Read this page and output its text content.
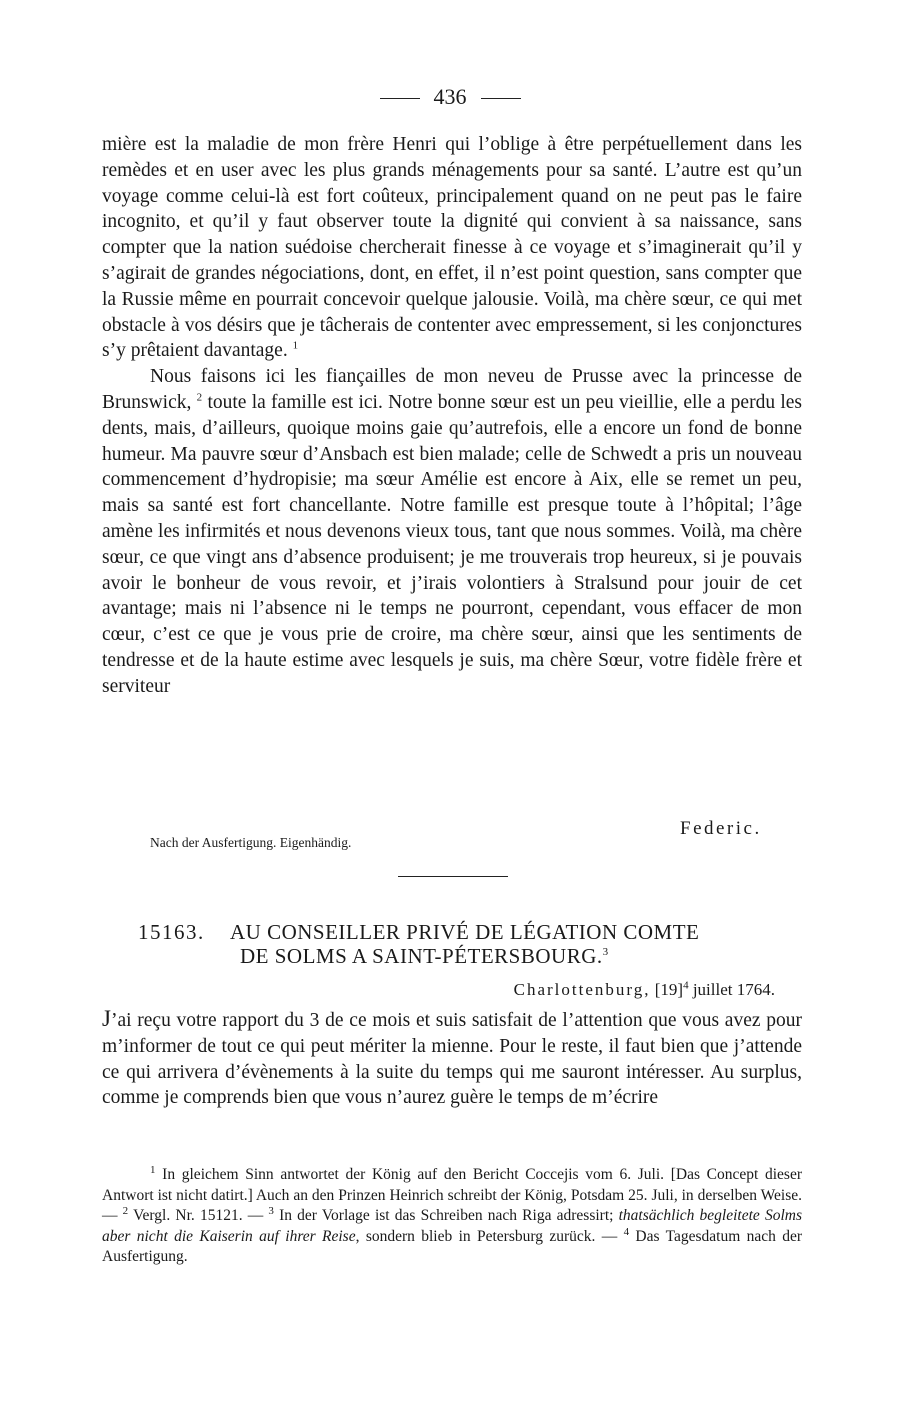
436

mière est la maladie de mon frère Henri qui l’oblige à être perpétuellement dans les remèdes et en user avec les plus grands ménagements pour sa santé. L’autre est qu’un voyage comme celui-là est fort coûteux, principalement quand on ne peut pas le faire incognito, et qu’il y faut observer toute la dignité qui convient à sa naissance, sans compter que la nation suédoise chercherait finesse à ce voyage et s’imaginerait qu’il y s’agirait de grandes négociations, dont, en effet, il n’est point question, sans compter que la Russie même en pourrait concevoir quelque jalousie. Voilà, ma chère sœur, ce qui met obstacle à vos désirs que je tâcherais de contenter avec empressement, si les conjonctures s’y prêtaient davantage. $^1$

Nous faisons ici les fiançailles de mon neveu de Prusse avec la princesse de Brunswick, $^2$ toute la famille est ici. Notre bonne sœur est un peu vieillie, elle a perdu les dents, mais, d’ailleurs, quoique moins gaie qu’autrefois, elle a encore un fond de bonne humeur. Ma pauvre sœur d’Ansbach est bien malade; celle de Schwedt a pris un nouveau commencement d’hydropisie; ma sœur Amélie est encore à Aix, elle se remet un peu, mais sa santé est fort chancellante. Notre famille est presque toute à l’hôpital; l’âge amène les infirmités et nous devenons vieux tous, tant que nous sommes. Voilà, ma chère sœur, ce que vingt ans d’absence produisent; je me trouverais trop heureux, si je pouvais avoir le bonheur de vous revoir, et j’irais volontiers à Stralsund pour jouir de cet avantage; mais ni l’absence ni le temps ne pourront, cependant, vous effacer de mon cœur, c’est ce que je vous prie de croire, ma chère sœur, ainsi que les sentiments de tendresse et de la haute estime avec lesquels je suis, ma chère Sœur, votre fidèle frère et serviteur

Federic.
Nach der Ausfertigung. Eigenhändig.
15163. AU CONSEILLER PRIVÉ DE LÉGATION COMTE
DE SOLMS A SAINT-PÉTERSBOURG.$^3$
Charlottenburg, [19]$^4$ juillet 1764.
J’ai reçu votre rapport du 3 de ce mois et suis satisfait de l’attention que vous avez pour m’informer de tout ce qui peut mériter la mienne. Pour le reste, il faut bien que j’attende ce qui arrivera d’évènements à la suite du temps qui me sauront intéresser. Au surplus, comme je comprends bien que vous n’aurez guère le temps de m’écrire

$^1$ In gleichem Sinn antwortet der König auf den Bericht Coccejis vom 6. Juli. [Das Concept dieser Antwort ist nicht datirt.] Auch an den Prinzen Heinrich schreibt der König, Potsdam 25. Juli, in derselben Weise. — $^2$ Vergl. Nr. 15121. — $^3$ In der Vorlage ist das Schreiben nach Riga adressirt; thatsächlich begleitete Solms aber nicht die Kaiserin auf ihrer Reise, sondern blieb in Petersburg zurück. — $^4$ Das Tagesdatum nach der Ausfertigung.
